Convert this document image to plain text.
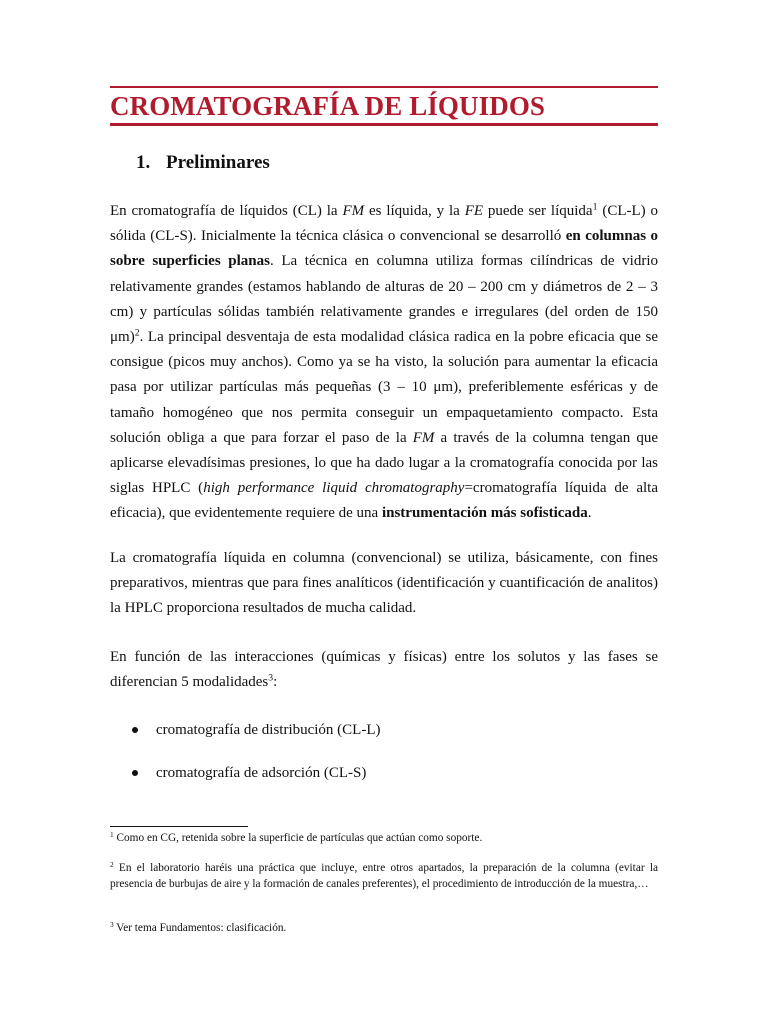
CROMATOGRAFÍA DE LÍQUIDOS
1. Preliminares

En cromatografía de líquidos (CL) la FM es líquida, y la FE puede ser líquida$^1$ (CL-L) o sólida (CL-S). Inicialmente la técnica clásica o convencional se desarrolló en columnas o sobre superficies planas. La técnica en columna utiliza formas cilíndricas de vidrio relativamente grandes (estamos hablando de alturas de 20 – 200 cm y diámetros de 2 – 3 cm) y partículas sólidas también relativamente grandes e irregulares (del orden de 150 μm)$^2$. La principal desventaja de esta modalidad clásica radica en la pobre eficacia que se consigue (picos muy anchos). Como ya se ha visto, la solución para aumentar la eficacia pasa por utilizar partículas más pequeñas (3 – 10 μm), preferiblemente esféricas y de tamaño homogéneo que nos permita conseguir un empaquetamiento compacto. Esta solución obliga a que para forzar el paso de la FM a través de la columna tengan que aplicarse elevadísimas presiones, lo que ha dado lugar a la cromatografía conocida por las siglas HPLC (high performance liquid chromatography=cromatografía líquida de alta eficacia), que evidentemente requiere de una instrumentación más sofisticada.

La cromatografía líquida en columna (convencional) se utiliza, básicamente, con fines preparativos, mientras que para fines analíticos (identificación y cuantificación de analitos) la HPLC proporciona resultados de mucha calidad.

En función de las interacciones (químicas y físicas) entre los solutos y las fases se diferencian 5 modalidades$^3$:

cromatografía de distribución (CL-L)
cromatografía de adsorción (CL-S)

$^1$ Como en CG, retenida sobre la superficie de partículas que actúan como soporte.

$^2$ En el laboratorio haréis una práctica que incluye, entre otros apartados, la preparación de la columna (evitar la presencia de burbujas de aire y la formación de canales preferentes), el procedimiento de introducción de la muestra,…

$^3$ Ver tema Fundamentos: clasificación.
